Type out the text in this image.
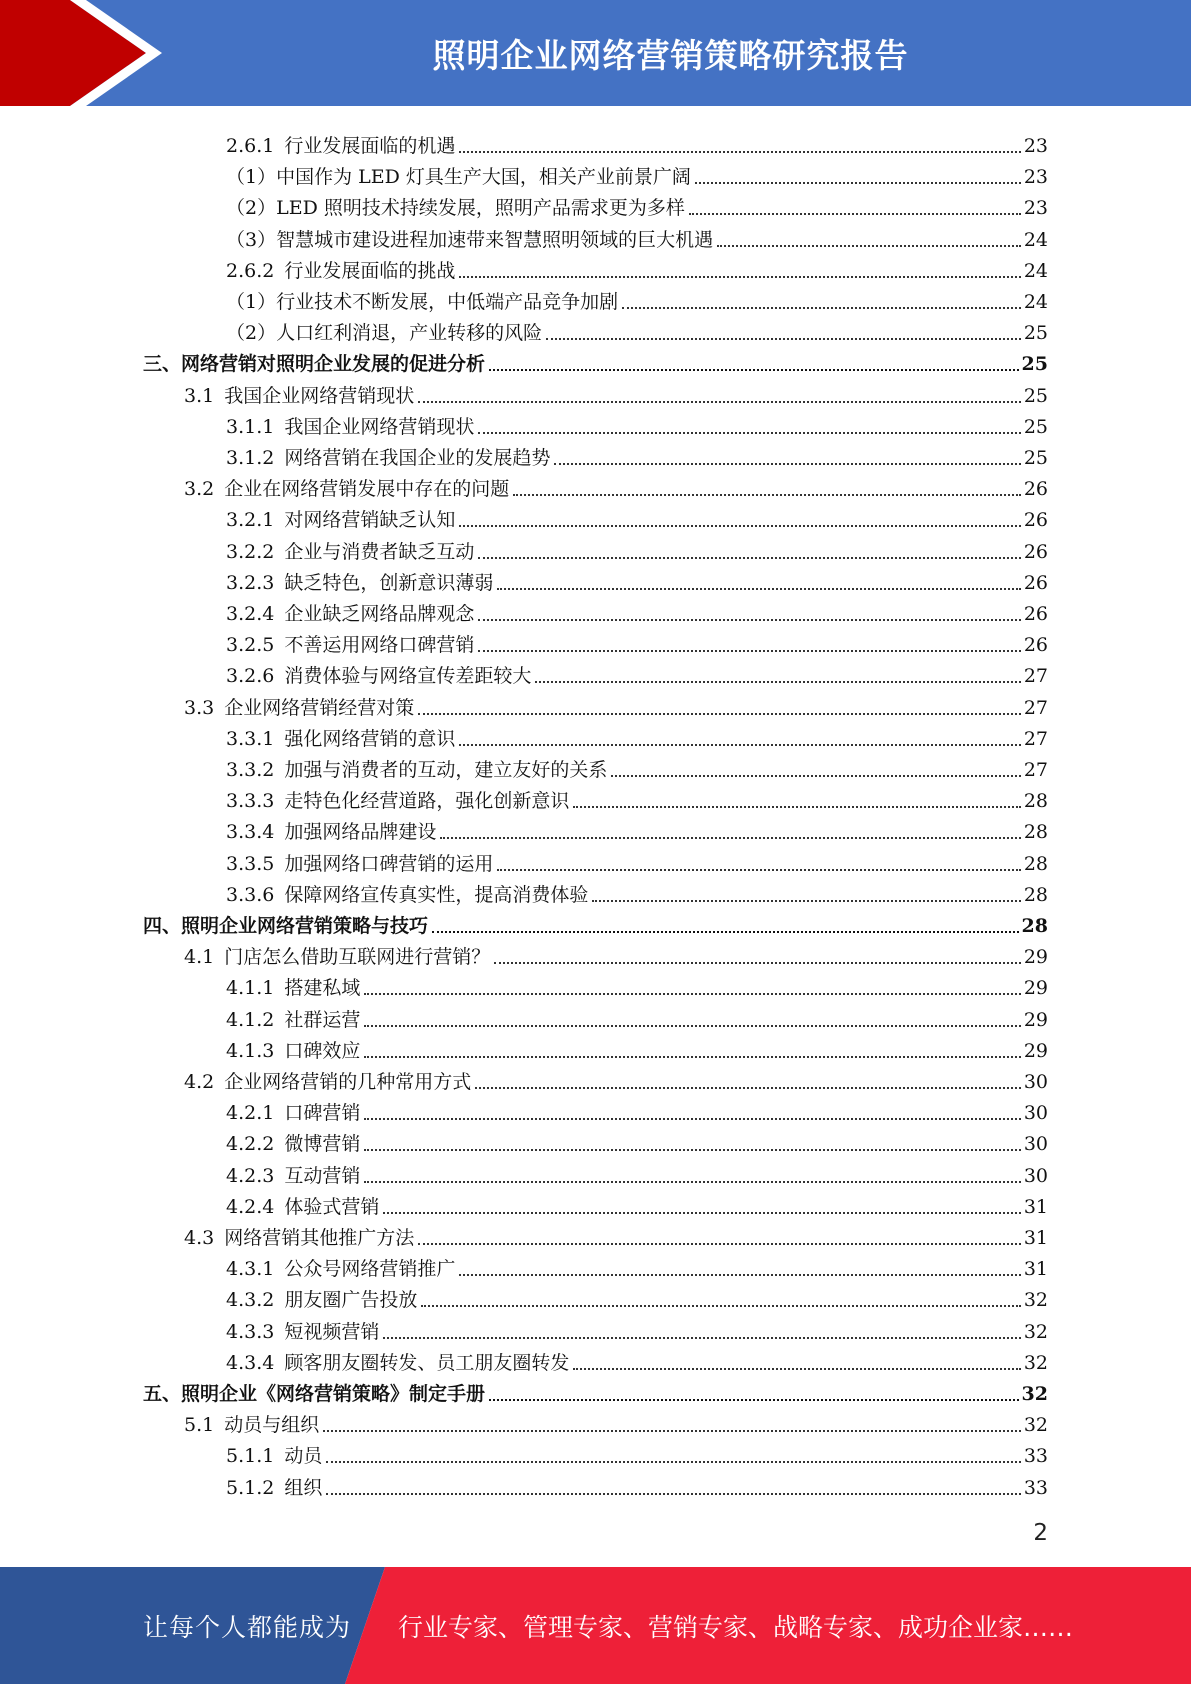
照明企业网络营销策略研究报告
2.6.1 行业发展面临的机遇	23
（1）中国作为 LED 灯具生产大国，相关产业前景广阔	23
（2）LED 照明技术持续发展，照明产品需求更为多样	23
（3）智慧城市建设进程加速带来智慧照明领域的巨大机遇	24
2.6.2 行业发展面临的挑战	24
（1）行业技术不断发展，中低端产品竞争加剧	24
（2）人口红利消退，产业转移的风险	25
三、网络营销对照明企业发展的促进分析	25
3.1 我国企业网络营销现状	25
3.1.1 我国企业网络营销现状	25
3.1.2 网络营销在我国企业的发展趋势	25
3.2 企业在网络营销发展中存在的问题	26
3.2.1 对网络营销缺乏认知	26
3.2.2 企业与消费者缺乏互动	26
3.2.3 缺乏特色，创新意识薄弱	26
3.2.4 企业缺乏网络品牌观念	26
3.2.5 不善运用网络口碑营销	26
3.2.6 消费体验与网络宣传差距较大	27
3.3 企业网络营销经营对策	27
3.3.1 强化网络营销的意识	27
3.3.2 加强与消费者的互动，建立友好的关系	27
3.3.3 走特色化经营道路，强化创新意识	28
3.3.4 加强网络品牌建设	28
3.3.5 加强网络口碑营销的运用	28
3.3.6 保障网络宣传真实性，提高消费体验	28
四、照明企业网络营销策略与技巧	28
4.1 门店怎么借助互联网进行营销？	29
4.1.1 搭建私域	29
4.1.2 社群运营	29
4.1.3 口碑效应	29
4.2 企业网络营销的几种常用方式	30
4.2.1 口碑营销	30
4.2.2 微博营销	30
4.2.3 互动营销	30
4.2.4 体验式营销	31
4.3 网络营销其他推广方法	31
4.3.1 公众号网络营销推广	31
4.3.2 朋友圈广告投放	32
4.3.3 短视频营销	32
4.3.4 顾客朋友圈转发、员工朋友圈转发	32
五、照明企业《网络营销策略》制定手册	32
5.1 动员与组织	32
5.1.1 动员	33
5.1.2 组织	33
2
让每个人都能成为 行业专家、管理专家、营销专家、战略专家、成功企业家……
